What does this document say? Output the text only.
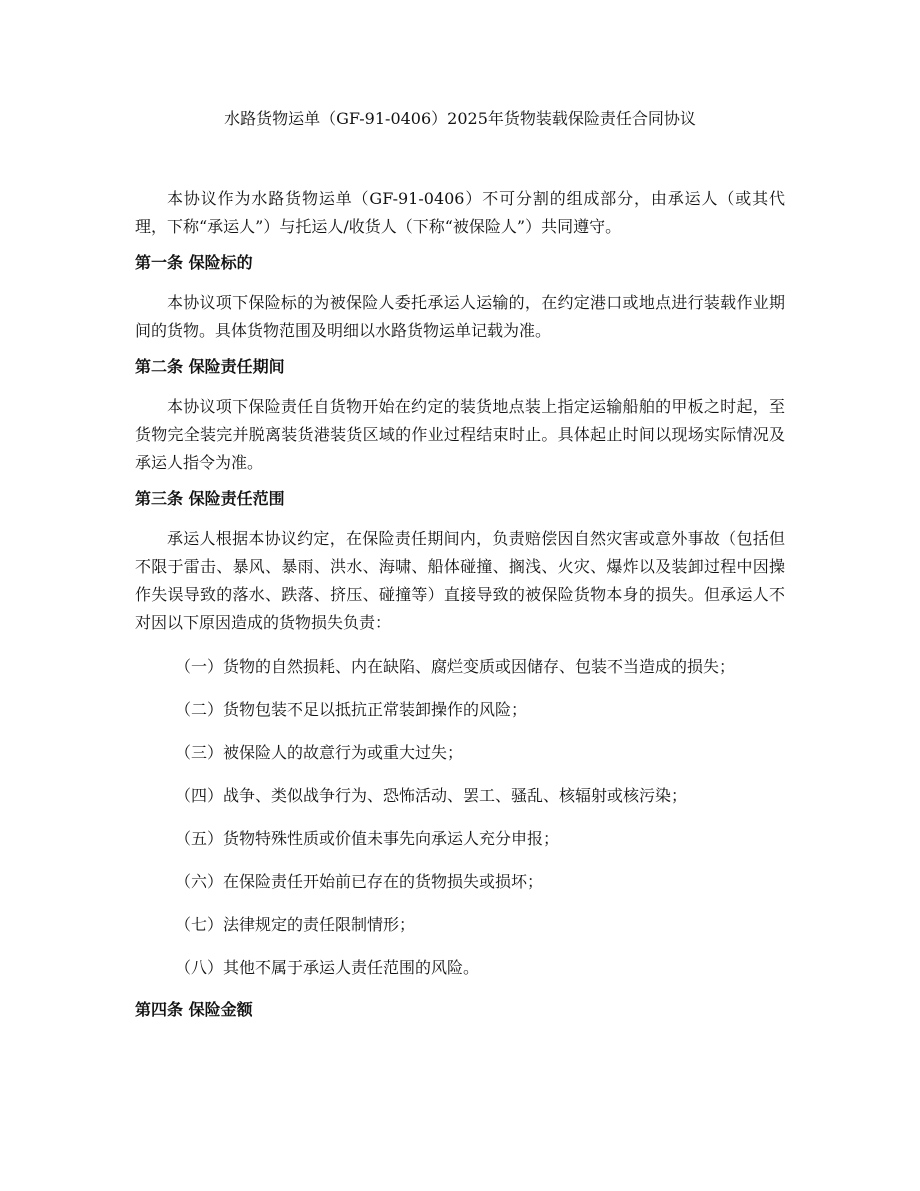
水路货物运单（GF-91-0406）2025年货物装载保险责任合同协议

本协议作为水路货物运单（GF-91-0406）不可分割的组成部分，由承运人（或其代理，下称“承运人”）与托运人/收货人（下称“被保险人”）共同遵守。

第一条 保险标的

本协议项下保险标的为被保险人委托承运人运输的，在约定港口或地点进行装载作业期间的货物。具体货物范围及明细以水路货物运单记载为准。

第二条 保险责任期间

本协议项下保险责任自货物开始在约定的装货地点装上指定运输船舶的甲板之时起，至货物完全装完并脱离装货港装货区域的作业过程结束时止。具体起止时间以现场实际情况及承运人指令为准。

第三条 保险责任范围

承运人根据本协议约定，在保险责任期间内，负责赔偿因自然灾害或意外事故（包括但不限于雷击、暴风、暴雨、洪水、海啸、船体碰撞、搁浅、火灾、爆炸以及装卸过程中因操作失误导致的落水、跌落、挤压、碰撞等）直接导致的被保险货物本身的损失。但承运人不对因以下原因造成的货物损失负责：

（一）货物的自然损耗、内在缺陷、腐烂变质或因储存、包装不当造成的损失；

（二）货物包装不足以抵抗正常装卸操作的风险；

（三）被保险人的故意行为或重大过失；

（四）战争、类似战争行为、恐怖活动、罢工、骚乱、核辐射或核污染；

（五）货物特殊性质或价值未事先向承运人充分申报；

（六）在保险责任开始前已存在的货物损失或损坏；

（七）法律规定的责任限制情形；

（八）其他不属于承运人责任范围的风险。

第四条 保险金额
